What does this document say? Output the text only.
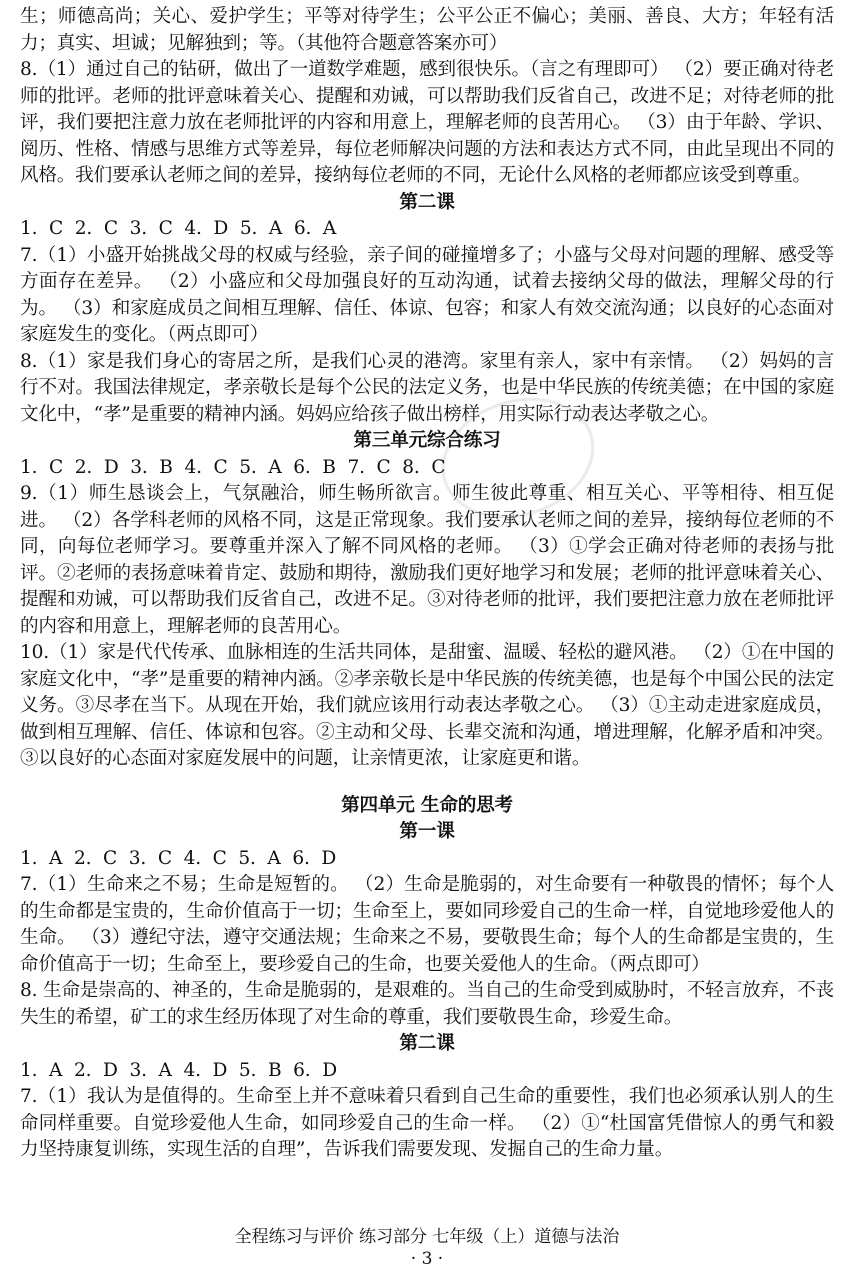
生；师德高尚；关心、爱护学生；平等对待学生；公平公正不偏心；美丽、善良、大方；年轻有活力；真实、坦诚；见解独到；等。（其他符合题意答案亦可）

8.（1）通过自己的钻研，做出了一道数学难题，感到很快乐。（言之有理即可） （2）要正确对待老师的批评。老师的批评意味着关心、提醒和劝诫，可以帮助我们反省自己，改进不足；对待老师的批评，我们要把注意力放在老师批评的内容和用意上，理解老师的良苦用心。 （3）由于年龄、学识、阅历、性格、情感与思维方式等差异，每位老师解决问题的方法和表达方式不同，由此呈现出不同的风格。我们要承认老师之间的差异，接纳每位老师的不同，无论什么风格的老师都应该受到尊重。

第二课

1. C 2. C 3. C 4. D 5. A 6. A

7.（1）小盛开始挑战父母的权威与经验，亲子间的碰撞增多了；小盛与父母对问题的理解、感受等方面存在差异。 （2）小盛应和父母加强良好的互动沟通，试着去接纳父母的做法，理解父母的行为。 （3）和家庭成员之间相互理解、信任、体谅、包容；和家人有效交流沟通；以良好的心态面对家庭发生的变化。（两点即可）

8.（1）家是我们身心的寄居之所，是我们心灵的港湾。家里有亲人，家中有亲情。 （2）妈妈的言行不对。我国法律规定，孝亲敬长是每个公民的法定义务，也是中华民族的传统美德；在中国的家庭文化中，“孝”是重要的精神内涵。妈妈应给孩子做出榜样，用实际行动表达孝敬之心。

第三单元综合练习

1. C 2. D 3. B 4. C 5. A 6. B 7. C 8. C

9.（1）师生恳谈会上，气氛融洽，师生畅所欲言。师生彼此尊重、相互关心、平等相待、相互促进。 （2）各学科老师的风格不同，这是正常现象。我们要承认老师之间的差异，接纳每位老师的不同，向每位老师学习。要尊重并深入了解不同风格的老师。 （3）①学会正确对待老师的表扬与批评。②老师的表扬意味着肯定、鼓励和期待，激励我们更好地学习和发展；老师的批评意味着关心、提醒和劝诫，可以帮助我们反省自己，改进不足。③对待老师的批评，我们要把注意力放在老师批评的内容和用意上，理解老师的良苦用心。

10.（1）家是代代传承、血脉相连的生活共同体，是甜蜜、温暖、轻松的避风港。 （2）①在中国的家庭文化中，“孝”是重要的精神内涵。②孝亲敬长是中华民族的传统美德，也是每个中国公民的法定义务。③尽孝在当下。从现在开始，我们就应该用行动表达孝敬之心。 （3）①主动走进家庭成员，做到相互理解、信任、体谅和包容。②主动和父母、长辈交流和沟通，增进理解，化解矛盾和冲突。③以良好的心态面对家庭发展中的问题，让亲情更浓，让家庭更和谐。

第四单元 生命的思考

第一课

1. A 2. C 3. C 4. C 5. A 6. D

7.（1）生命来之不易；生命是短暂的。 （2）生命是脆弱的，对生命要有一种敬畏的情怀；每个人的生命都是宝贵的，生命价值高于一切；生命至上，要如同珍爱自己的生命一样，自觉地珍爱他人的生命。 （3）遵纪守法，遵守交通法规；生命来之不易，要敬畏生命；每个人的生命都是宝贵的，生命价值高于一切；生命至上，要珍爱自己的生命，也要关爱他人的生命。（两点即可）

8. 生命是崇高的、神圣的，生命是脆弱的，是艰难的。当自己的生命受到威胁时，不轻言放弃，不丧失生的希望，矿工的求生经历体现了对生命的尊重，我们要敬畏生命，珍爱生命。

第二课

1. A 2. D 3. A 4. D 5. B 6. D

7.（1）我认为是值得的。生命至上并不意味着只看到自己生命的重要性，我们也必须承认别人的生命同样重要。自觉珍爱他人生命，如同珍爱自己的生命一样。 （2）①“杜国富凭借惊人的勇气和毅力坚持康复训练，实现生活的自理”，告诉我们需要发现、发掘自己的生命力量。

全程练习与评价 练习部分 七年级（上）道德与法治
· 3 ·
